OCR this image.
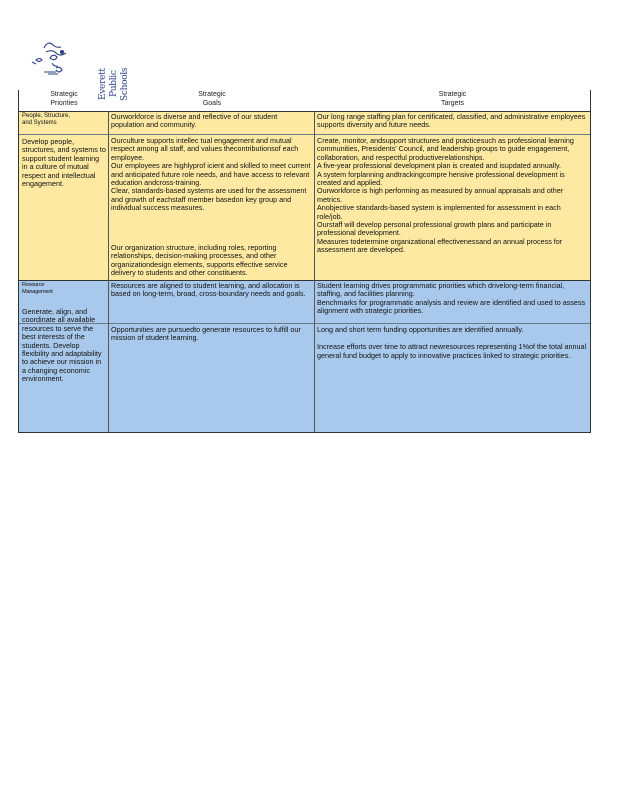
Everett Public Schools
Strategic
Priorities
Strategic
Goals
Strategic
Targets

People, Structure,

and Systems

Develop people, structures, and systems to support student learning in a culture of mutual respect and intellectual engagement.
Ourworkforce is diverse and reflective of our student population and community.
Our long range staffing plan for certificated, classified, and administrative employees supports diversity and future needs.

Ourculture supports intellec tual engagement and mutual respect among all staff, and values thecontributionsof each employee.

Our employees are highlyprof icient and skilled to meet current and anticipated future role needs, and have access to relevant education andcross-training.

Clear, standards-based systems are used for the assessment and growth of eachstaff member basedon key group and individual success measures.

Our organization structure, including roles, reporting relationships, decision-making processes, and other organizationdesign elements, supports effective service delivery to students and other constituents.

Create, monitor, andsupport structures and practicesuch as professional learning communities, Presidents' Council, and leadership groups to guide engagement, collaboration, and respectful productiverelationships.

A five-year professional development plan is created and isupdated annually.

A system forplanning andtrackingcompre hensive professional development is created and applied.

Ourworkforce is high performing as measured by annual appraisals and other metrics.

Anobjective standards-based system is implemented for assessment in each role/job.

Ourstaff will develop personal professional growth plans and participate in professional development.

Measures todetermine organizational effectivenessand an annual process for assessment are developed.

Resource

Management

Generate, align, and coordinate all available resources to serve the best interests of the students. Develop flexibility and adaptability to achieve our mission in a changing economic environment.
Resources are aligned to student learning, and allocation is based on long-term, broad, cross-boundary needs and goals.

Student learning drives programmatic priorities which drivelong-term financial, staffing, and facilities planning.

Benchmarks for programmatic analysis and review are identified and used to assess alignment with strategic priorities.

Opportunities are pursuedto generate resources to fulfill our mission of student learning.

Long and short term funding opportunities are identified annually.

Increase efforts over time to attract newresources representing 1%of the total annual general fund budget to apply to innovative practices linked to strategic priorities.
